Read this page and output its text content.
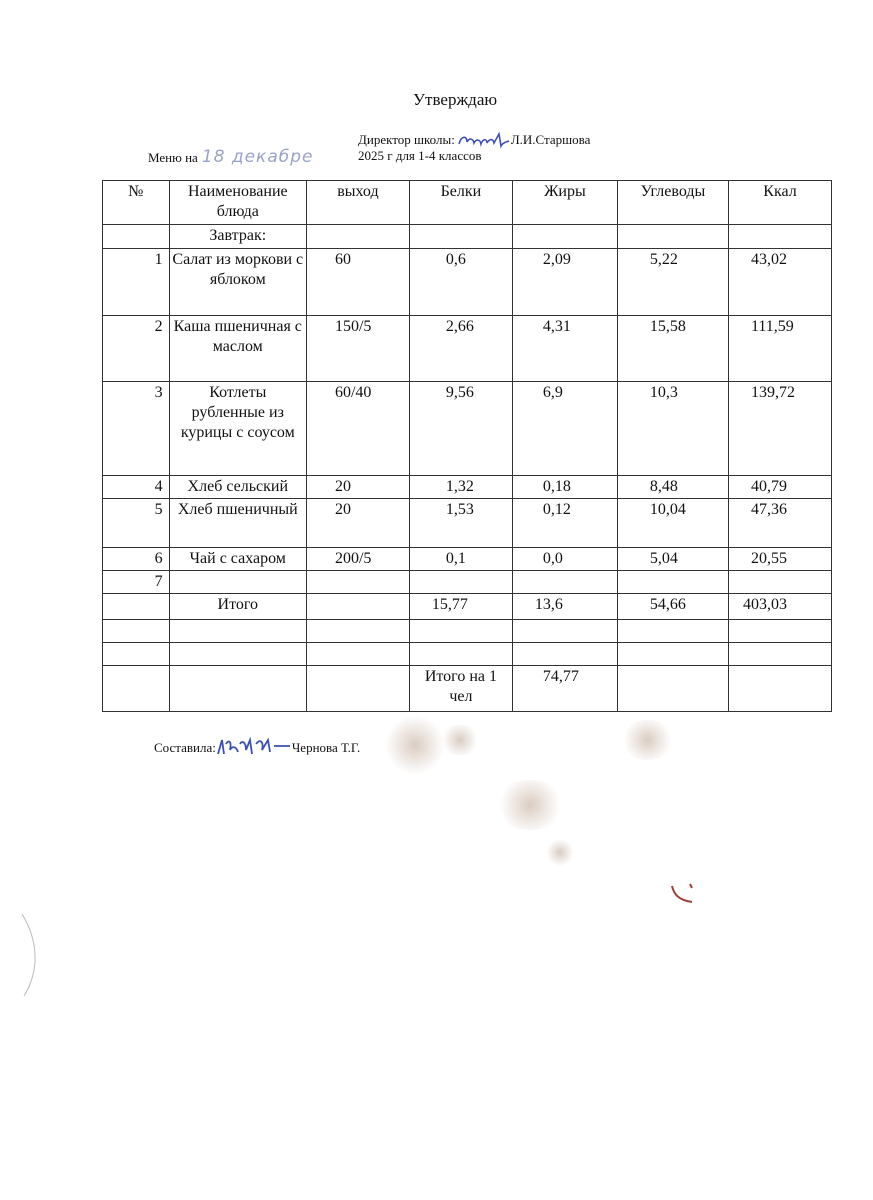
Утверждаю
Директор школы:	Л.И.Старшова
Меню на 18 декабре	2025 г для 1-4 классов
№	Наименование блюда	выход	Белки	Жиры	Углеводы	Ккал
	Завтрак:					
1	Салат из моркови с яблоком	60	0,6	2,09	5,22	43,02
2	Каша пшеничная с маслом	150/5	2,66	4,31	15,58	111,59
3	Котлеты рубленные из курицы с соусом	60/40	9,56	6,9	10,3	139,72
4	Хлеб сельский	20	1,32	0,18	8,48	40,79
5	Хлеб пшеничный	20	1,53	0,12	10,04	47,36
6	Чай с сахаром	200/5	0,1	0,0	5,04	20,55
7						
	Итого		15,77	13,6	54,66	403,03

			Итого на 1 чел	74,77		
Составила:	Чернова Т.Г.
